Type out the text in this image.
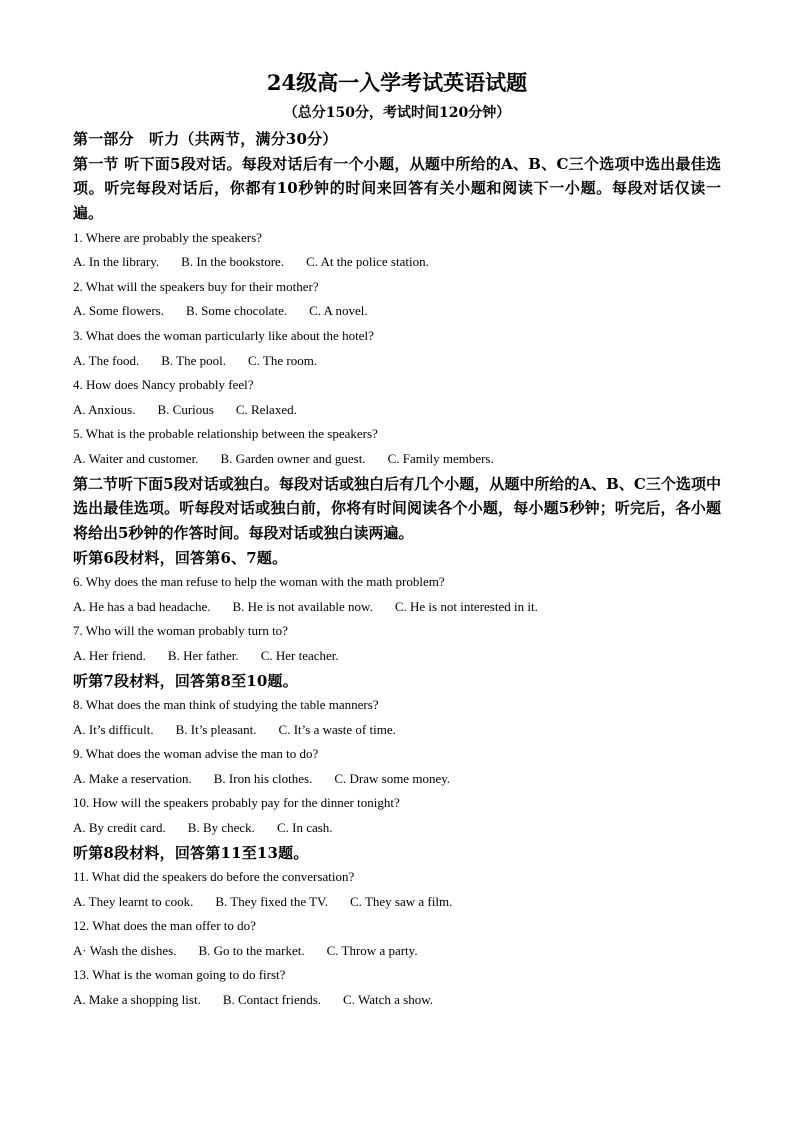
24级高一入学考试英语试题
（总分150分，考试时间120分钟）
第一部分　听力（共两节，满分30分）
第一节 听下面5段对话。每段对话后有一个小题，从题中所给的A、B、C三个选项中选出最佳选项。听完每段对话后，你都有10秒钟的时间来回答有关小题和阅读下一小题。每段对话仅读一遍。
1. Where are probably the speakers?
A. In the library. B. In the bookstore. C. At the police station.
2. What will the speakers buy for their mother?
A. Some flowers. B. Some chocolate. C. A novel.
3. What does the woman particularly like about the hotel?
A. The food. B. The pool. C. The room.
4. How does Nancy probably feel?
A. Anxious. B. Curious C. Relaxed.
5. What is the probable relationship between the speakers?
A. Waiter and customer. B. Garden owner and guest. C. Family members.
第二节听下面5段对话或独白。每段对话或独白后有几个小题，从题中所给的A、B、C三个选项中选出最佳选项。听每段对话或独白前，你将有时间阅读各个小题，每小题5秒钟；听完后，各小题将给出5秒钟的作答时间。每段对话或独白读两遍。
听第6段材料，回答第6、7题。
6. Why does the man refuse to help the woman with the math problem?
A. He has a bad headache. B. He is not available now. C. He is not interested in it.
7. Who will the woman probably turn to?
A. Her friend. B. Her father. C. Her teacher.
听第7段材料，回答第8至10题。
8. What does the man think of studying the table manners?
A. It’s difficult. B. It’s pleasant. C. It’s a waste of time.
9. What does the woman advise the man to do?
A. Make a reservation. B. Iron his clothes. C. Draw some money.
10. How will the speakers probably pay for the dinner tonight?
A. By credit card. B. By check. C. In cash.
听第8段材料，回答第11至13题。
11. What did the speakers do before the conversation?
A. They learnt to cook. B. They fixed the TV. C. They saw a film.
12. What does the man offer to do?
A· Wash the dishes. B. Go to the market. C. Throw a party.
13. What is the woman going to do first?
A. Make a shopping list. B. Contact friends. C. Watch a show.
